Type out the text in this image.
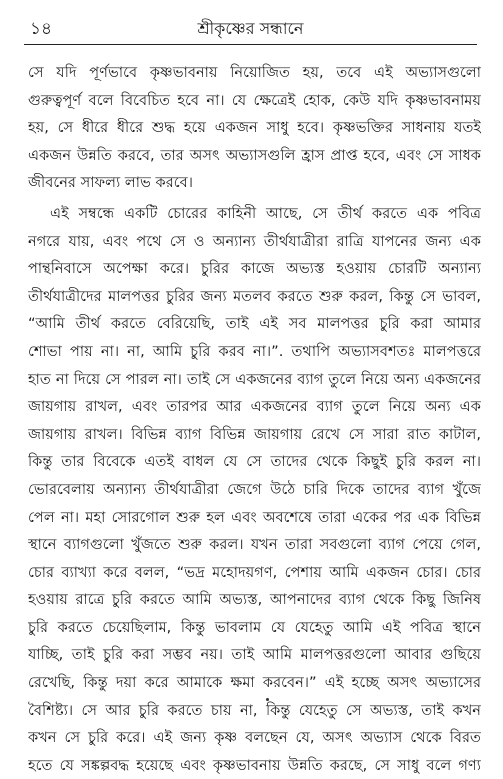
১৪	শ্রীকৃষ্ণের সন্ধানে

সে যদি পূর্ণভাবে কৃষ্ণভাবনায় নিয়োজিত হয়, তবে এই অভ্যাসগুলো
গুরুত্বপূর্ণ বলে বিবেচিত হবে না। যে ক্ষেত্রেই হোক, কেউ যদি কৃষ্ণভাবনাময়
হয়, সে ধীরে ধীরে শুদ্ধ হয়ে একজন সাধু হবে। কৃষ্ণভক্তির সাধনায় যতই
একজন উন্নতি করবে, তার অসৎ অভ্যাসগুলি হ্রাস প্রাপ্ত হবে, এবং সে সাধক
জীবনের সাফল্য লাভ করবে।

এই সম্বন্ধে একটি চোরের কাহিনী আছে, সে তীর্থ করতে এক পবিত্র
নগরে যায়, এবং পথে সে ও অন্যান্য তীর্থযাত্রীরা রাত্রি যাপনের জন্য এক
পান্থনিবাসে অপেক্ষা করে। চুরির কাজে অভ্যস্ত হওয়ায় চোরটি অন্যান্য
তীর্থযাত্রীদের মালপত্তর চুরির জন্য মতলব করতে শুরু করল, কিন্তু সে ভাবল,
“আমি তীর্থ করতে বেরিয়েছি, তাই এই সব মালপত্তর চুরি করা আমার
শোভা পায় না। না, আমি চুরি করব না।”. তথাপি অভ্যাসবশতঃ মালপত্তরে
হাত না দিয়ে সে পারল না। তাই সে একজনের ব্যাগ তুলে নিয়ে অন্য একজনের
জায়গায় রাখল, এবং তারপর আর একজনের ব্যাগ তুলে নিয়ে অন্য এক
জায়গায় রাখল। বিভিন্ন ব্যাগ বিভিন্ন জায়গায় রেখে সে সারা রাত কাটাল,
কিন্তু তার বিবেকে এতই বাধল যে সে তাদের থেকে কিছুই চুরি করল না।
ভোরবেলায় অন্যান্য তীর্থযাত্রীরা জেগে উঠে চারি দিকে তাদের ব্যাগ খুঁজে
পেল না। মহা সোরগোল শুরু হল এবং অবশেষে তারা একের পর এক বিভিন্ন
স্থানে ব্যাগগুলো খুঁজতে শুরু করল। যখন তারা সবগুলো ব্যাগ পেয়ে গেল,
চোর ব্যাখ্যা করে বলল, “ভদ্র মহোদয়গণ, পেশায় আমি একজন চোর। চোর
হওয়ায় রাত্রে চুরি করতে আমি অভ্যস্ত, আপনাদের ব্যাগ থেকে কিছু জিনিষ
চুরি করতে চেয়েছিলাম, কিন্তু ভাবলাম যে যেহেতু আমি এই পবিত্র স্থানে
যাচ্ছি, তাই চুরি করা সম্ভব নয়। তাই আমি মালপত্তরগুলো আবার গুছিয়ে
রেখেছি, কিন্তু দয়া করে আমাকে ক্ষমা করবেন।” এই হচ্ছে অসৎ অভ্যাসের
বৈশিষ্ট্য। সে আর চুরি করতে চায় না, কিন্তু যেহেতু সে অভ্যস্ত, তাই কখন
কখন সে চুরি করে। এই জন্য কৃষ্ণ বলছেন যে, অসৎ অভ্যাস থেকে বিরত
হতে যে সঙ্কল্পবদ্ধ হয়েছে এবং কৃষ্ণভাবনায় উন্নতি করছে, সে সাধু বলে গণ্য
